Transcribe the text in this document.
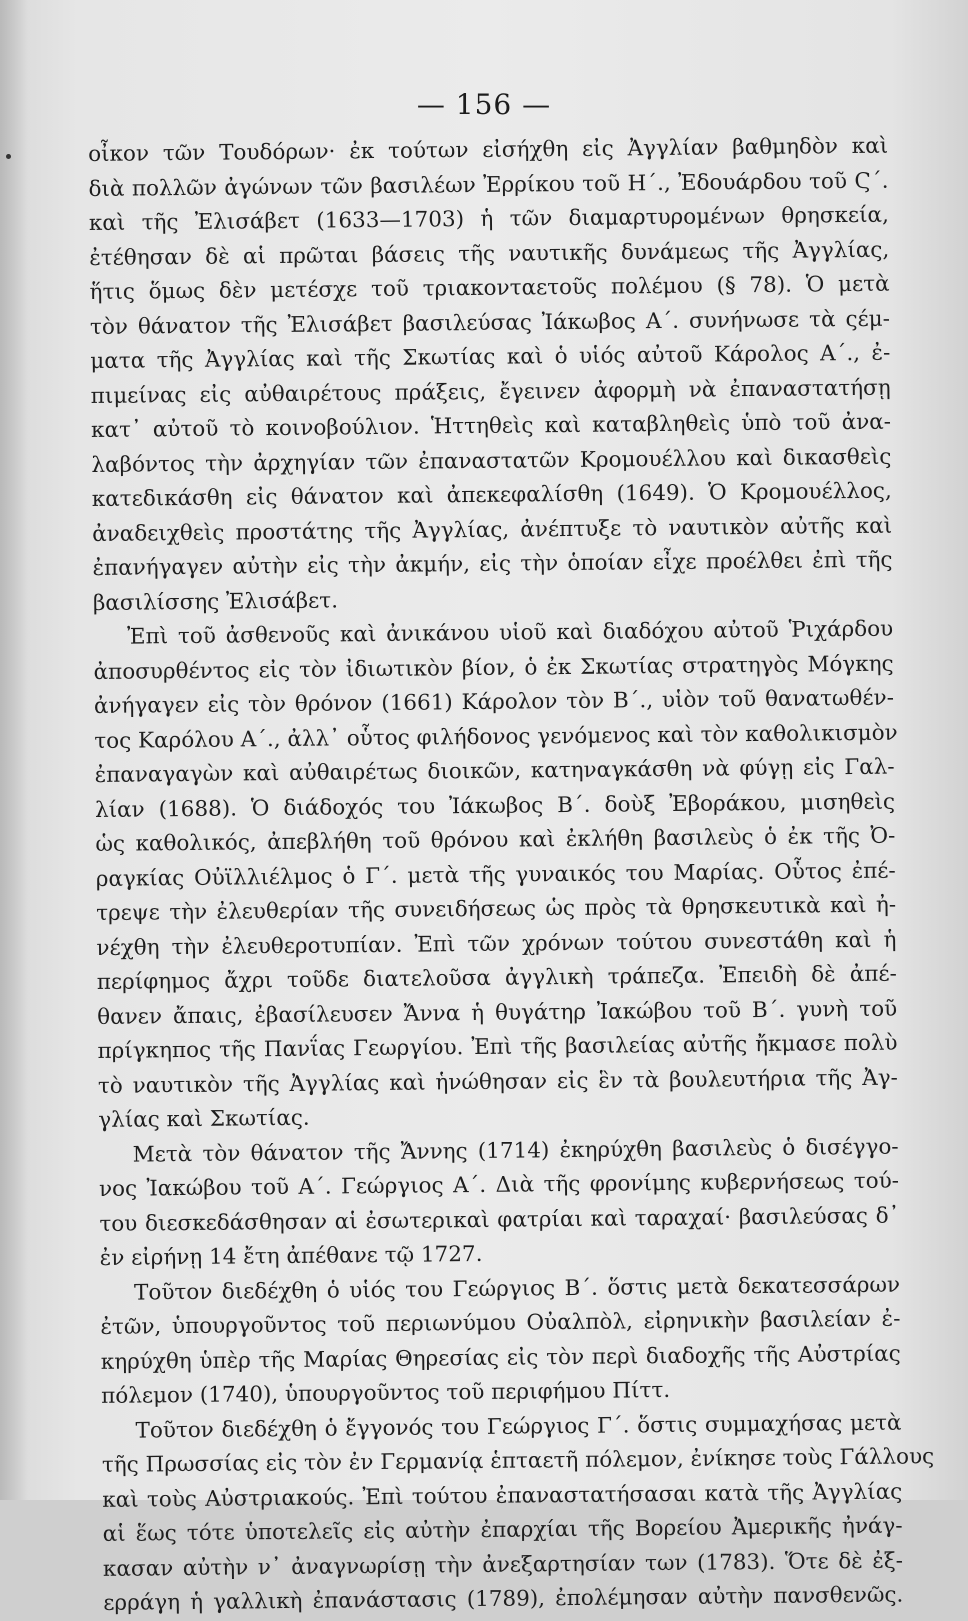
— 156 —
οἶκον τῶν Τουδόρων· ἐκ τούτων εἰσήχθη εἰς Ἀγγλίαν βαθμηδὸν καὶ
διὰ πολλῶν ἀγώνων τῶν βασιλέων Ἐρρίκου τοῦ Η΄., Ἐδουάρδου τοῦ Ϛ΄.
καὶ τῆς Ἐλισάβετ (1633—1703) ἡ τῶν διαμαρτυρομένων θρησκεία,
ἐτέθησαν δὲ αἱ πρῶται βάσεις τῆς ναυτικῆς δυνάμεως τῆς Ἀγγλίας,
ἥτις ὅμως δὲν μετέσχε τοῦ τριακονταετοῦς πολέμου (§ 78). Ὁ μετὰ
τὸν θάνατον τῆς Ἐλισάβετ βασιλεύσας Ἰάκωβος Α΄. συνήνωσε τὰ ςέμ-
ματα τῆς Ἀγγλίας καὶ τῆς Σκωτίας καὶ ὁ υἱός αὐτοῦ Κάρολος Α΄., ἐ-
πιμείνας εἰς αὐθαιρέτους πράξεις, ἔγεινεν ἀφορμὴ νὰ ἐπαναστατήσῃ
κατ᾽ αὐτοῦ τὸ κοινοβούλιον. Ἡττηθεὶς καὶ καταβληθεὶς ὑπὸ τοῦ ἀνα-
λαβόντος τὴν ἀρχηγίαν τῶν ἐπαναστατῶν Κρομουέλλου καὶ δικασθεὶς
κατεδικάσθη εἰς θάνατον καὶ ἀπεκεφαλίσθη (1649). Ὁ Κρομουέλλος,
ἀναδειχθεὶς προστάτης τῆς Ἀγγλίας, ἀνέπτυξε τὸ ναυτικὸν αὐτῆς καὶ
ἐπανήγαγεν αὐτὴν εἰς τὴν ἀκμήν, εἰς τὴν ὁποίαν εἶχε προέλθει ἐπὶ τῆς
βασιλίσσης Ἐλισάβετ.
Ἐπὶ τοῦ ἀσθενοῦς καὶ ἀνικάνου υἱοῦ καὶ διαδόχου αὐτοῦ Ῥιχάρδου
ἀποσυρθέντος εἰς τὸν ἰδιωτικὸν βίον, ὁ ἐκ Σκωτίας στρατηγὸς Μόγκης
ἀνήγαγεν εἰς τὸν θρόνον (1661) Κάρολον τὸν Β΄., υἱὸν τοῦ θανατωθέν-
τος Καρόλου Α΄., ἀλλ᾽ οὗτος φιλήδονος γενόμενος καὶ τὸν καθολικισμὸν
ἐπαναγαγὼν καὶ αὐθαιρέτως διοικῶν, κατηναγκάσθη νὰ φύγῃ εἰς Γαλ-
λίαν (1688). Ὁ διάδοχός του Ἰάκωβος Β΄. δοὺξ Ἐβοράκου, μισηθεὶς
ὡς καθολικός, ἀπεβλήθη τοῦ θρόνου καὶ ἐκλήθη βασιλεὺς ὁ ἐκ τῆς Ὀ-
ραγκίας Οὐϊλλιέλμος ὁ Γ΄. μετὰ τῆς γυναικός του Μαρίας. Οὗτος ἐπέ-
τρεψε τὴν ἐλευθερίαν τῆς συνειδήσεως ὡς πρὸς τὰ θρησκευτικὰ καὶ ἠ-
νέχθη τὴν ἐλευθεροτυπίαν. Ἐπὶ τῶν χρόνων τούτου συνεστάθη καὶ ἡ
περίφημος ἄχρι τοῦδε διατελοῦσα ἀγγλικὴ τράπεζα. Ἐπειδὴ δὲ ἀπέ-
θανεν ἄπαις, ἐβασίλευσεν Ἄννα ἡ θυγάτηρ Ἰακώβου τοῦ Β΄. γυνὴ τοῦ
πρίγκηπος τῆς Πανΐας Γεωργίου. Ἐπὶ τῆς βασιλείας αὐτῆς ἤκμασε πολὺ
τὸ ναυτικὸν τῆς Ἀγγλίας καὶ ἡνώθησαν εἰς ἓν τὰ βουλευτήρια τῆς Ἀγ-
γλίας καὶ Σκωτίας.
Μετὰ τὸν θάνατον τῆς Ἄννης (1714) ἐκηρύχθη βασιλεὺς ὁ δισέγγο-
νος Ἰακώβου τοῦ Α΄. Γεώργιος Α΄. Διὰ τῆς φρονίμης κυβερνήσεως τού-
του διεσκεδάσθησαν αἱ ἐσωτερικαὶ φατρίαι καὶ ταραχαί· βασιλεύσας δ᾽
ἐν εἰρήνῃ 14 ἔτη ἀπέθανε τῷ 1727.
Τοῦτον διεδέχθη ὁ υἱός του Γεώργιος Β΄. ὅστις μετὰ δεκατεσσάρων
ἐτῶν, ὑπουργοῦντος τοῦ περιωνύμου Οὐαλπὸλ, εἰρηνικὴν βασιλείαν ἐ-
κηρύχθη ὑπὲρ τῆς Μαρίας Θηρεσίας εἰς τὸν περὶ διαδοχῆς τῆς Αὐστρίας
πόλεμον (1740), ὑπουργοῦντος τοῦ περιφήμου Πίττ.
Τοῦτον διεδέχθη ὁ ἔγγονός του Γεώργιος Γ΄. ὅστις συμμαχήσας μετὰ
τῆς Πρωσσίας εἰς τὸν ἐν Γερμανίᾳ ἑπταετῆ πόλεμον, ἐνίκησε τοὺς Γάλλους
καὶ τοὺς Αὐστριακούς. Ἐπὶ τούτου ἐπαναστατήσασαι κατὰ τῆς Ἀγγλίας
αἱ ἕως τότε ὑποτελεῖς εἰς αὐτὴν ἐπαρχίαι τῆς Βορείου Ἀμερικῆς ἠνάγ-
κασαν αὐτὴν ν᾽ ἀναγνωρίσῃ τὴν ἀνεξαρτησίαν των (1783). Ὅτε δὲ ἐξ-
ερράγη ἡ γαλλικὴ ἐπανάστασις (1789), ἐπολέμησαν αὐτὴν πανσθενῶς.
